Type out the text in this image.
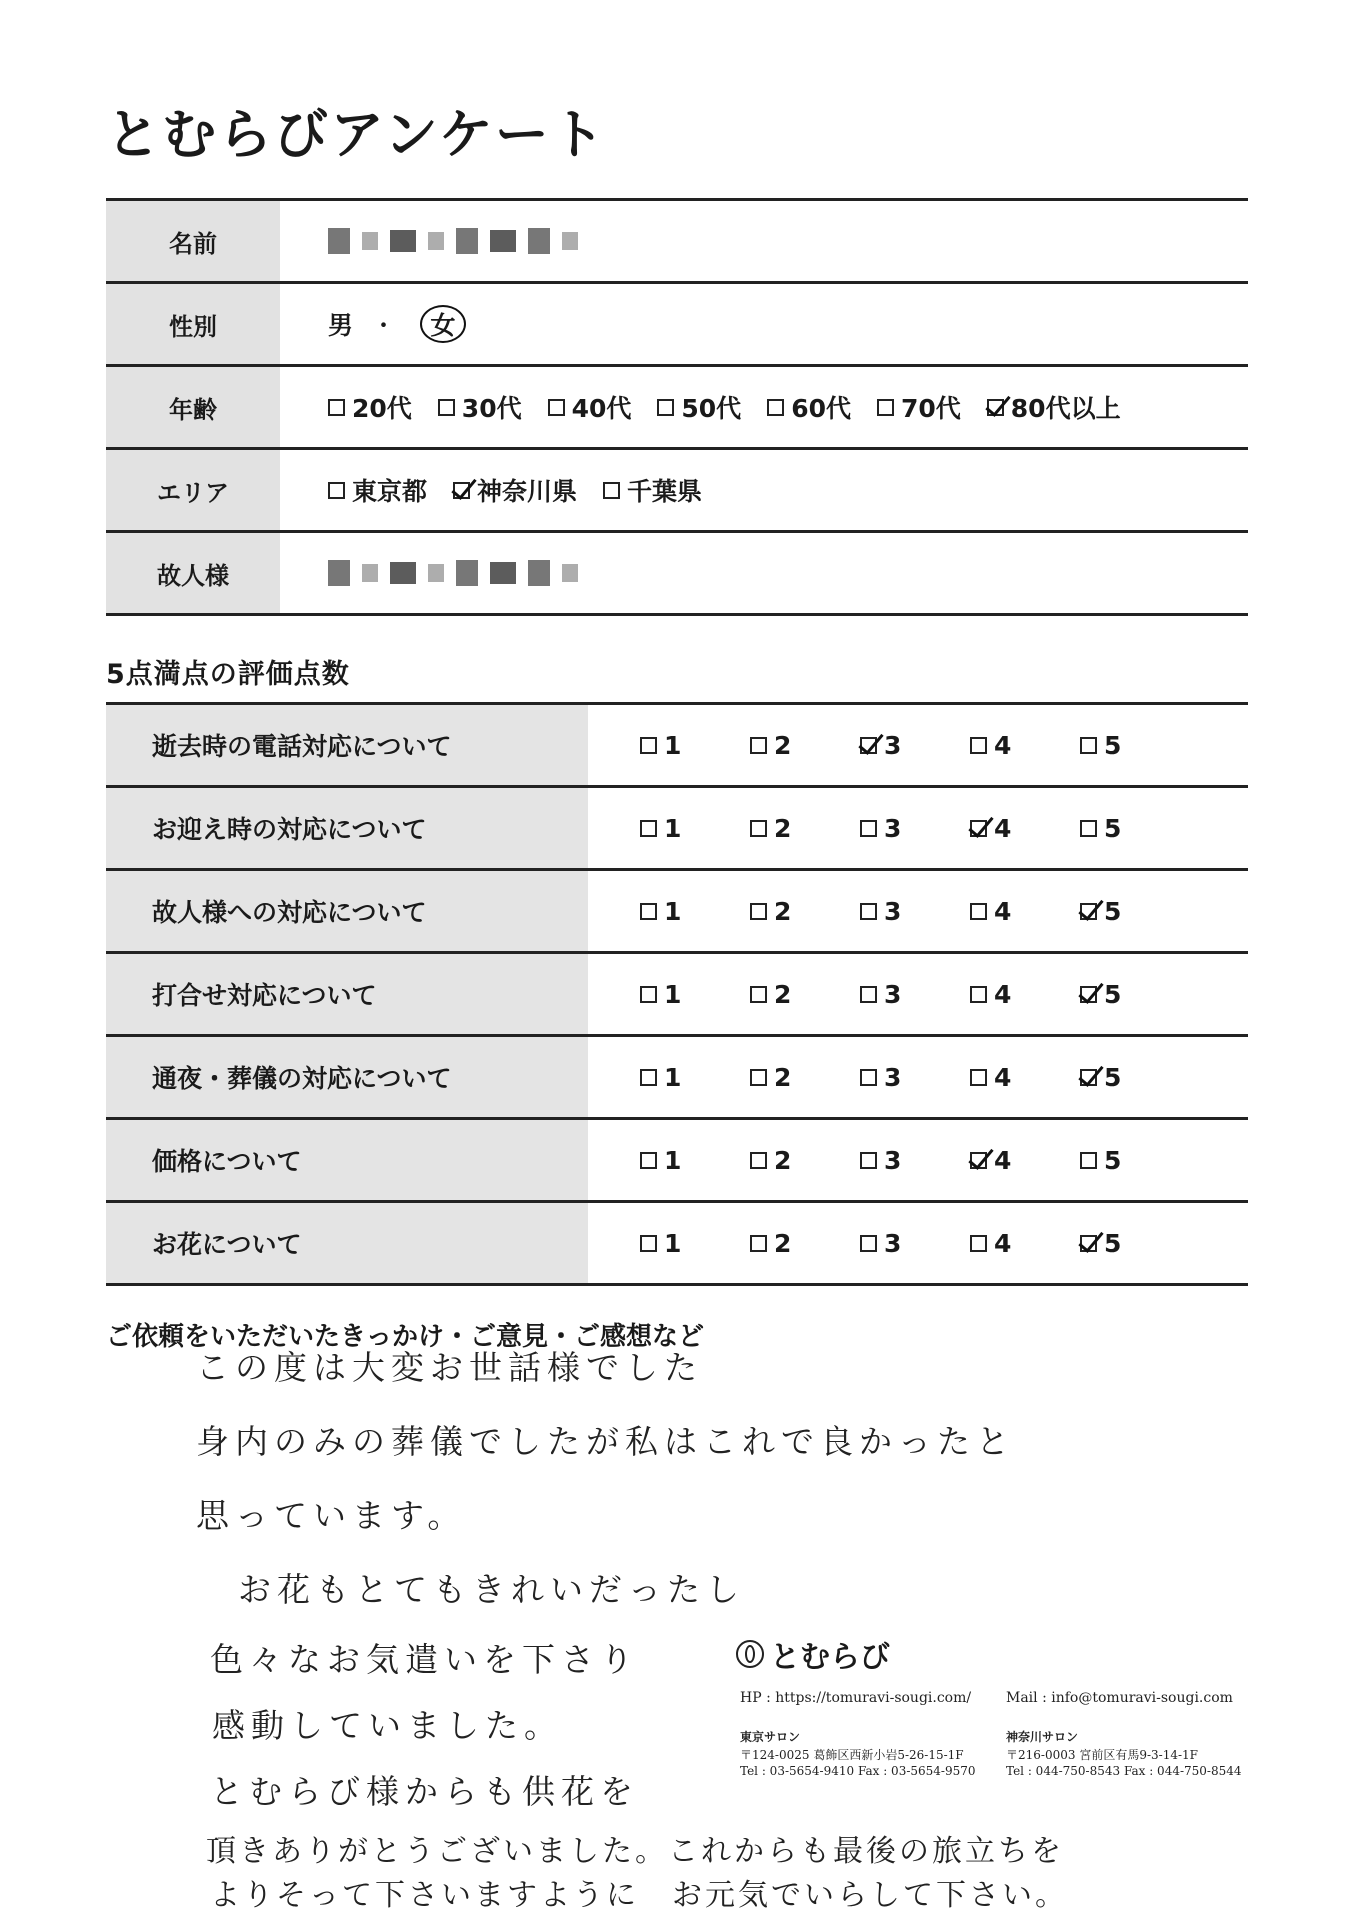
とむらびアンケート
名前
性別	男 ・	女
年齢	20代 30代 40代 50代 60代 70代 80代以上
エリア	東京都 神奈川県 千葉県
故人様
5点満点の評価点数
逝去時の電話対応について	1	2	3	4	5
お迎え時の対応について	1	2	3	4	5
故人様への対応について	1	2	3	4	5
打合せ対応について	1	2	3	4	5
通夜・葬儀の対応について	1	2	3	4	5
価格について	1	2	3	4	5
お花について	1	2	3	4	5
ご依頼をいただいたきっかけ・ご意見・ご感想など
この度は大変お世話様でした
身内のみの葬儀でしたが私はこれで良かったと
思っています。
お花もとてもきれいだったし
色々なお気遣いを下さり
感動していました。
とむらび様からも供花を
頂きありがとうございました。これからも最後の旅立ちを
よりそって下さいますように　お元気でいらして下さい。
とむらび
HP : https://tomuravi-sougi.com/ Mail : info@tomuravi-sougi.com
東京サロン
〒124-0025 葛飾区西新小岩5-26-15-1F
Tel : 03-5654-9410 Fax : 03-5654-9570
神奈川サロン
〒216-0003 宮前区有馬9-3-14-1F
Tel : 044-750-8543 Fax : 044-750-8544
